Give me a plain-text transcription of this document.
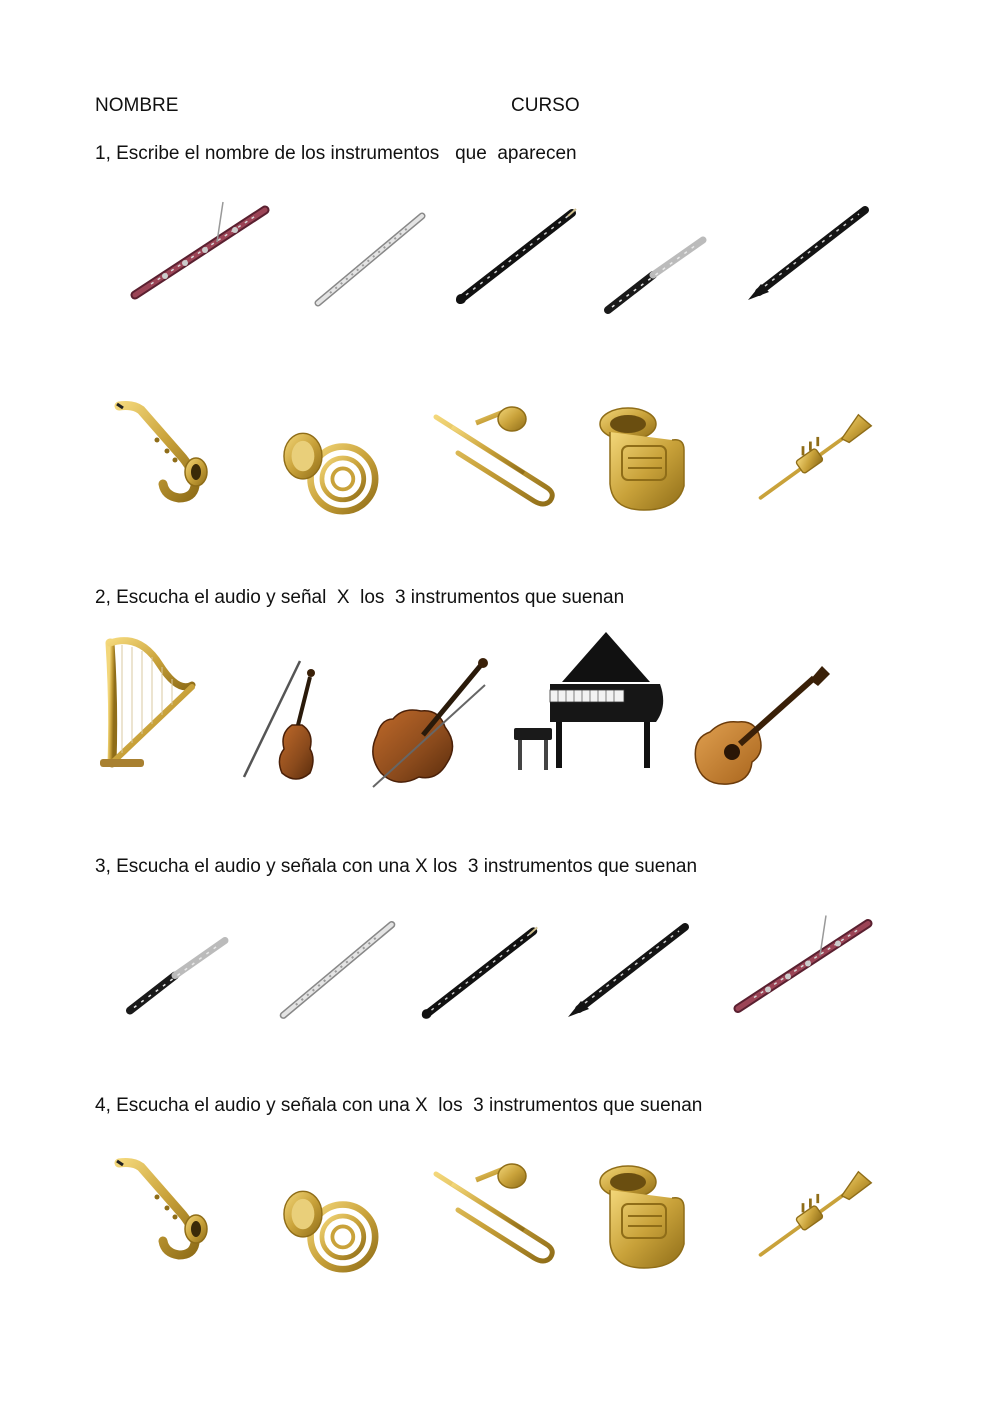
NOMBRE	CURSO
1, Escribe el nombre de los instrumentos   que  aparecen
2, Escucha el audio y señal  X  los  3 instrumentos que suenan
3, Escucha el audio y señala con una X los  3 instrumentos que suenan
4, Escucha el audio y señala con una X  los  3 instrumentos que suenan
